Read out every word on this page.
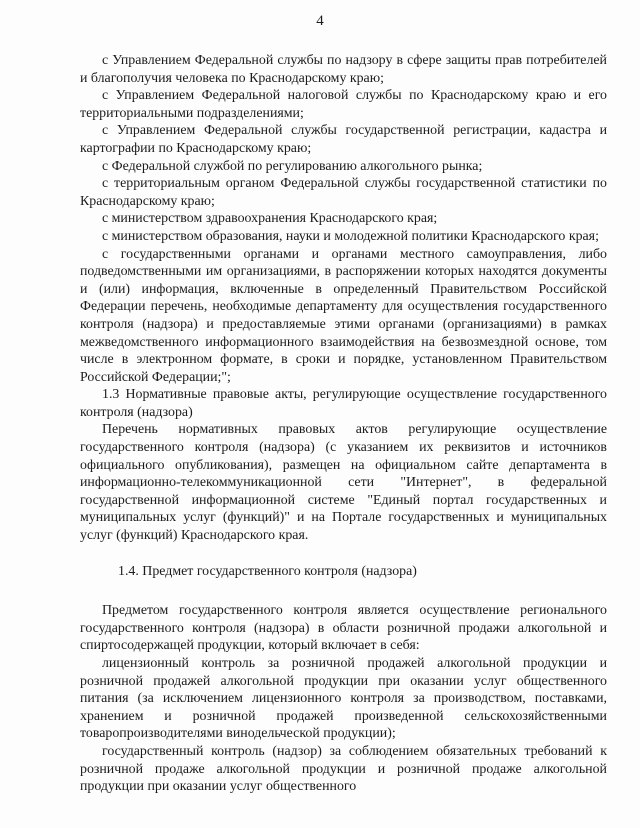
4

с Управлением Федеральной службы по надзору в сфере защиты прав потребителей и благополучия человека по Краснодарскому краю;

с Управлением Федеральной налоговой службы по Краснодарскому краю и его территориальными подразделениями;

с Управлением Федеральной службы государственной регистрации, кадастра и картографии по Краснодарскому краю;

с Федеральной службой по регулированию алкогольного рынка;

с территориальным органом Федеральной службы государственной статистики по Краснодарскому краю;

с министерством здравоохранения Краснодарского края;

с министерством образования, науки и молодежной политики Краснодарского края;

с государственными органами и органами местного самоуправления, либо подведомственными им организациями, в распоряжении которых находятся документы и (или) информация, включенные в определенный Правительством Российской Федерации перечень, необходимые департаменту для осуществления государственного контроля (надзора) и предоставляемые этими органами (организациями) в рамках межведомственного информационного взаимодействия на безвозмездной основе, том числе в электронном формате, в сроки и порядке, установленном Правительством Российской Федерации;";

1.3 Нормативные правовые акты, регулирующие осуществление государственного контроля (надзора)

Перечень нормативных правовых актов регулирующие осуществление государственного контроля (надзора) (с указанием их реквизитов и источников официального опубликования), размещен на официальном сайте департамента в информационно-телекоммуникационной сети "Интернет", в федеральной государственной информационной системе "Единый портал государственных и муниципальных услуг (функций)" и на Портале государственных и муниципальных услуг (функций) Краснодарского края.

1.4. Предмет государственного контроля (надзора)

Предметом государственного контроля является осуществление регионального государственного контроля (надзора) в области розничной продажи алкогольной и спиртосодержащей продукции, который включает в себя:

лицензионный контроль за розничной продажей алкогольной продукции и розничной продажей алкогольной продукции при оказании услуг общественного питания (за исключением лицензионного контроля за производством, поставками, хранением и розничной продажей произведенной сельскохозяйственными товаропроизводителями винодельческой продукции);

государственный контроль (надзор) за соблюдением обязательных требований к розничной продаже алкогольной продукции и розничной продаже алкогольной продукции при оказании услуг общественного
